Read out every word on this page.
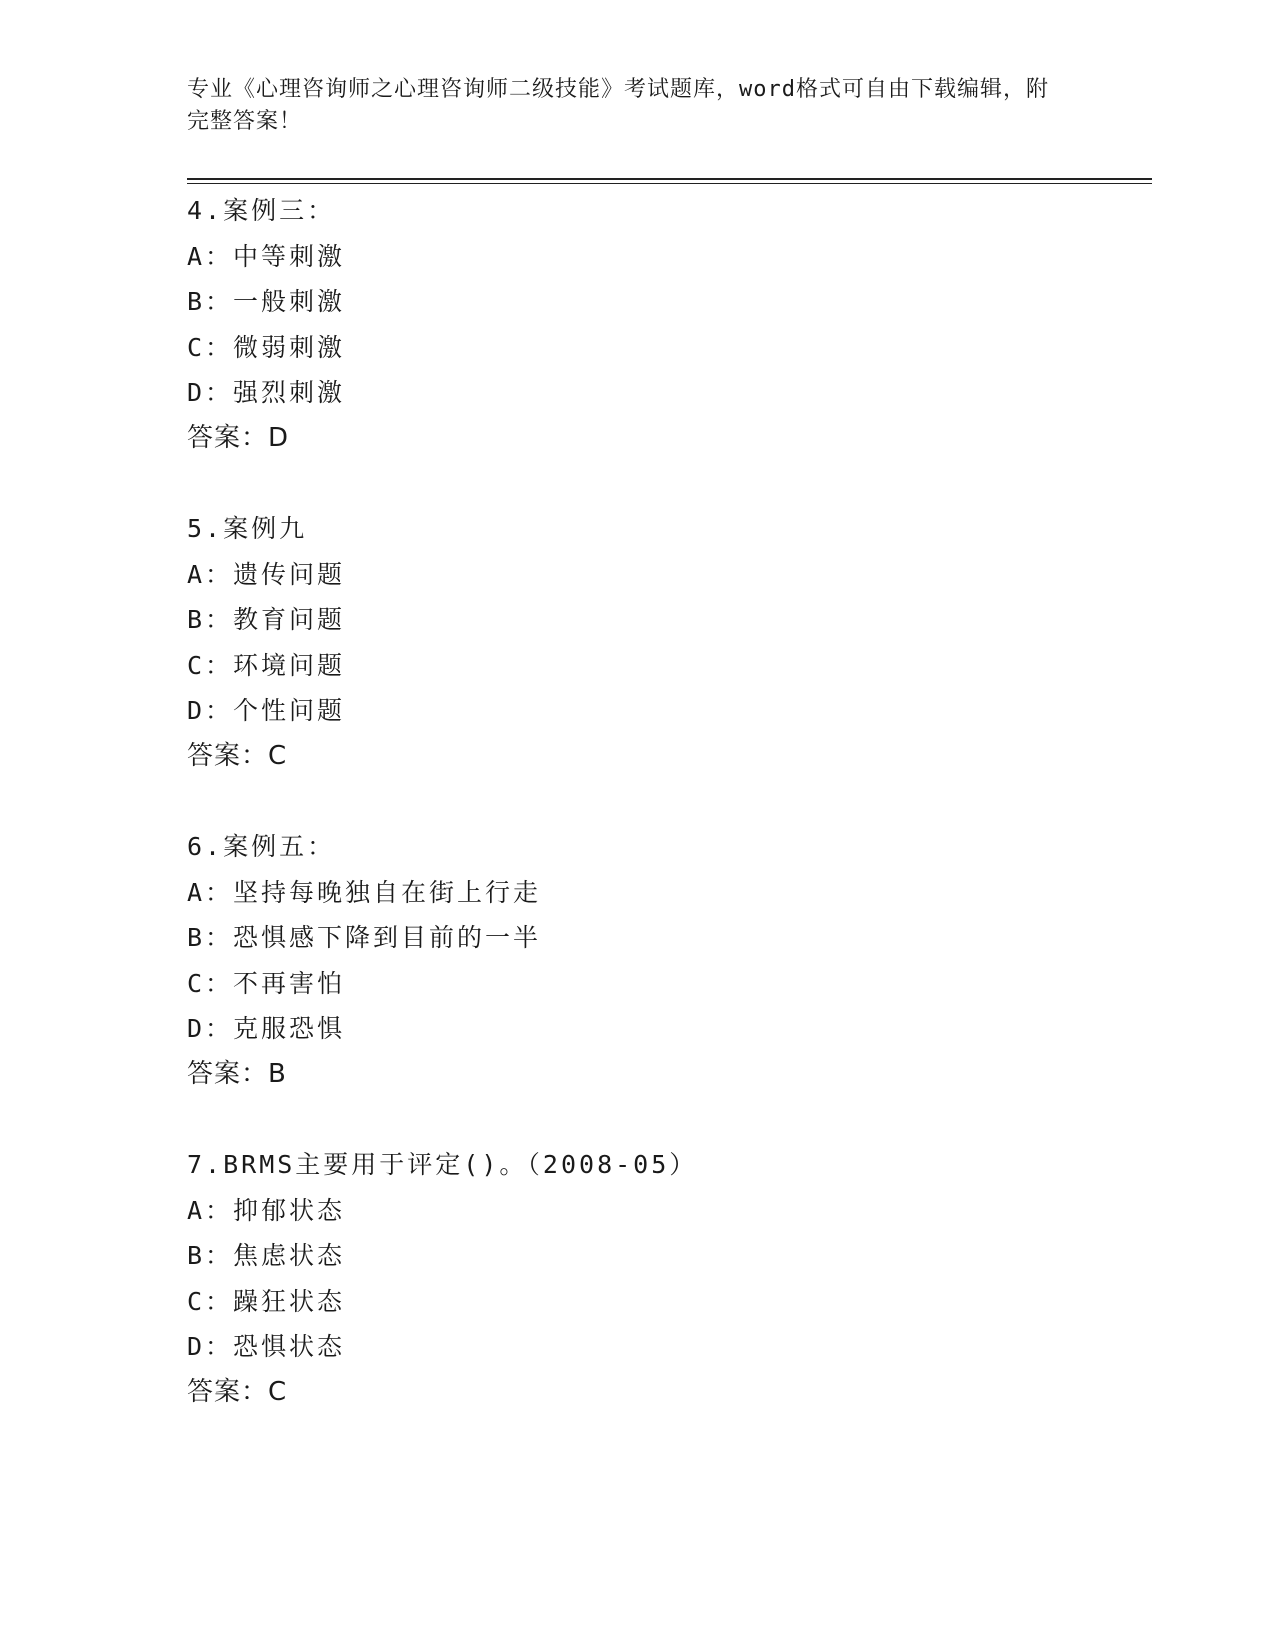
专业《心理咨询师之心理咨询师二级技能》考试题库，word格式可自由下载编辑，附完整答案！
4.案例三：
A：中等刺激
B：一般刺激
C：微弱刺激
D：强烈刺激
答案：D
5.案例九
A：遗传问题
B：教育问题
C：环境问题
D：个性问题
答案：C
6.案例五：
A：坚持每晚独自在街上行走
B：恐惧感下降到目前的一半
C：不再害怕
D：克服恐惧
答案：B
7.BRMS主要用于评定()。（2008-05）
A：抑郁状态
B：焦虑状态
C：躁狂状态
D：恐惧状态
答案：C
